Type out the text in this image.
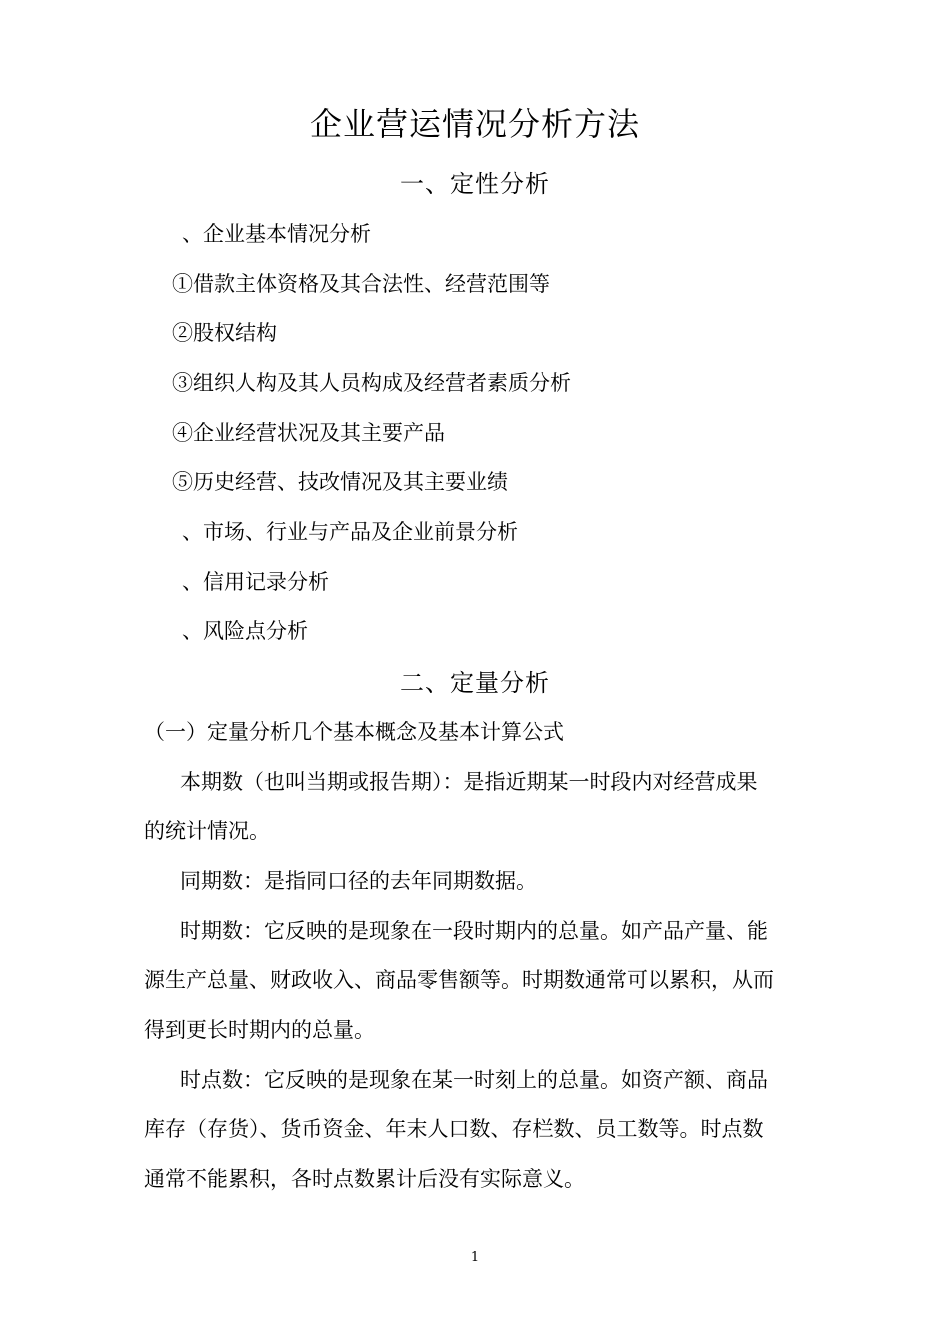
企业营运情况分析方法
一、定性分析
、企业基本情况分析
①借款主体资格及其合法性、经营范围等
②股权结构
③组织人构及其人员构成及经营者素质分析
④企业经营状况及其主要产品
⑤历史经营、技改情况及其主要业绩
、市场、行业与产品及企业前景分析
、信用记录分析
、风险点分析
二、定量分析
（一）定量分析几个基本概念及基本计算公式
本期数（也叫当期或报告期）：是指近期某一时段内对经营成果
的统计情况。
同期数：是指同口径的去年同期数据。
时期数：它反映的是现象在一段时期内的总量。如产品产量、能
源生产总量、财政收入、商品零售额等。时期数通常可以累积，从而
得到更长时期内的总量。
时点数：它反映的是现象在某一时刻上的总量。如资产额、商品
库存（存货）、货币资金、年末人口数、存栏数、员工数等。时点数
通常不能累积，各时点数累计后没有实际意义。
1
